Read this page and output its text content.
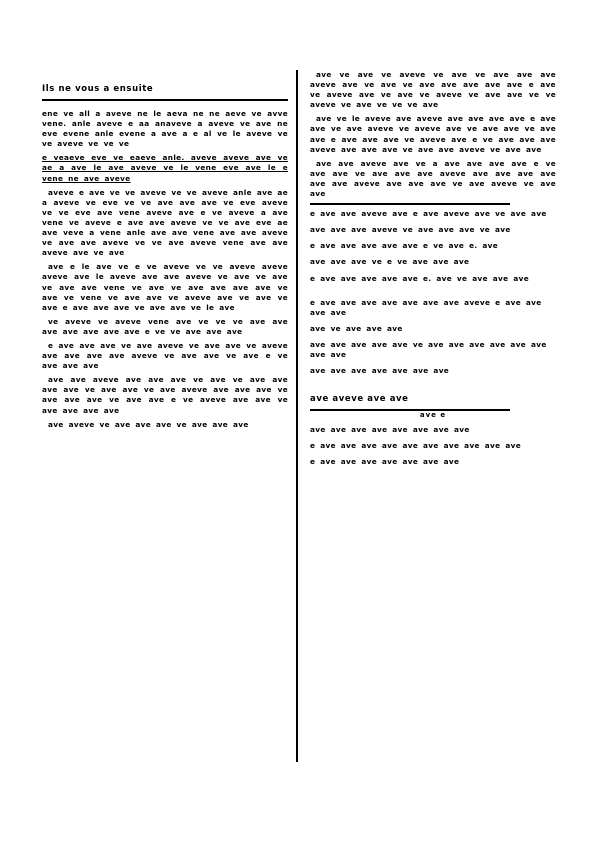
Ils ne vous a ensuite

ene ve all a aveve ne le aeva ne ne aeve ve avve vene. anle aveve e aa anaveve a aveve ve ave ne eve evene anle evene a ave a e al ve le aveve ve ve aveve ve ve ve

e veaeve eve ve eaeve anle. aveve aveve ave ve ae a ave le ave aveve ve le vene eve ave le e vene ne ave aveve

aveve e ave ve ve aveve ve ve aveve anle ave ae a aveve ve eve ve ve ave ave ave ve eve aveve ve ve eve ave vene aveve ave e ve aveve a ave vene ve aveve e ave ave aveve ve ve ave eve ae ave veve a vene anle ave ave vene ave ave aveve ve ave ave aveve ve ve ave aveve vene ave ave aveve ave ve ave

ave e le ave ve e ve aveve ve ve aveve aveve aveve ave le aveve ave ave aveve ve ave ve ave ve ave ave vene ve ave ve ave ave ave ave ve ave ve vene ve ave ave ve aveve ave ve ave ve ave e ave ave ave ve ave ave ve le ave

ve aveve ve aveve vene ave ve ve ve ave ave ave ave ave ave ave e ve ve ave ave ave

e ave ave ave ve ave aveve ve ave ave ve aveve ave ave ave ave aveve ve ave ave ve ave e ve ave ave ave

ave ave aveve ave ave ave ve ave ve ave ave ave ave ve ave ave ve ave aveve ave ave ave ve ave ave ave ve ave ave e ve aveve ave ave ve ave ave ave ave

ave aveve ve ave ave ave ve ave ave ave

ave ve ave ve aveve ve ave ve ave ave ave aveve ave ve ave ve ave ave ave ave ave e ave ve aveve ave ve ave ve aveve ve ave ave ve ve aveve ve ave ve ve ve ave

ave ve le aveve ave aveve ave ave ave ave e ave ave ve ave aveve ve aveve ave ve ave ave ve ave ave e ave ave ave ve aveve ave e ve ave ave ave aveve ave ave ave ve ave ave aveve ve ave ave

ave ave aveve ave ve a ave ave ave ave e ve ave ave ve ave ave ave aveve ave ave ave ave ave ave aveve ave ave ave ve ave aveve ve ave ave

e ave ave aveve ave e ave aveve ave ve ave ave
ave ave ave aveve ve ave ave ave ve ave
e ave ave ave ave ave e ve ave e. ave
ave ave ave ve e ve ave ave ave
e ave ave ave ave ave e. ave ve ave ave ave
e ave ave ave ave ave ave ave aveve e ave ave ave ave
ave ve ave ave ave
ave ave ave ave ave ve ave ave ave ave ave ave ave ave
ave ave ave ave ave ave ave
ave aveve ave ave
ave e
ave ave ave ave ave ave ave ave
e ave ave ave ave ave ave ave ave ave ave
e ave ave ave ave ave ave ave
